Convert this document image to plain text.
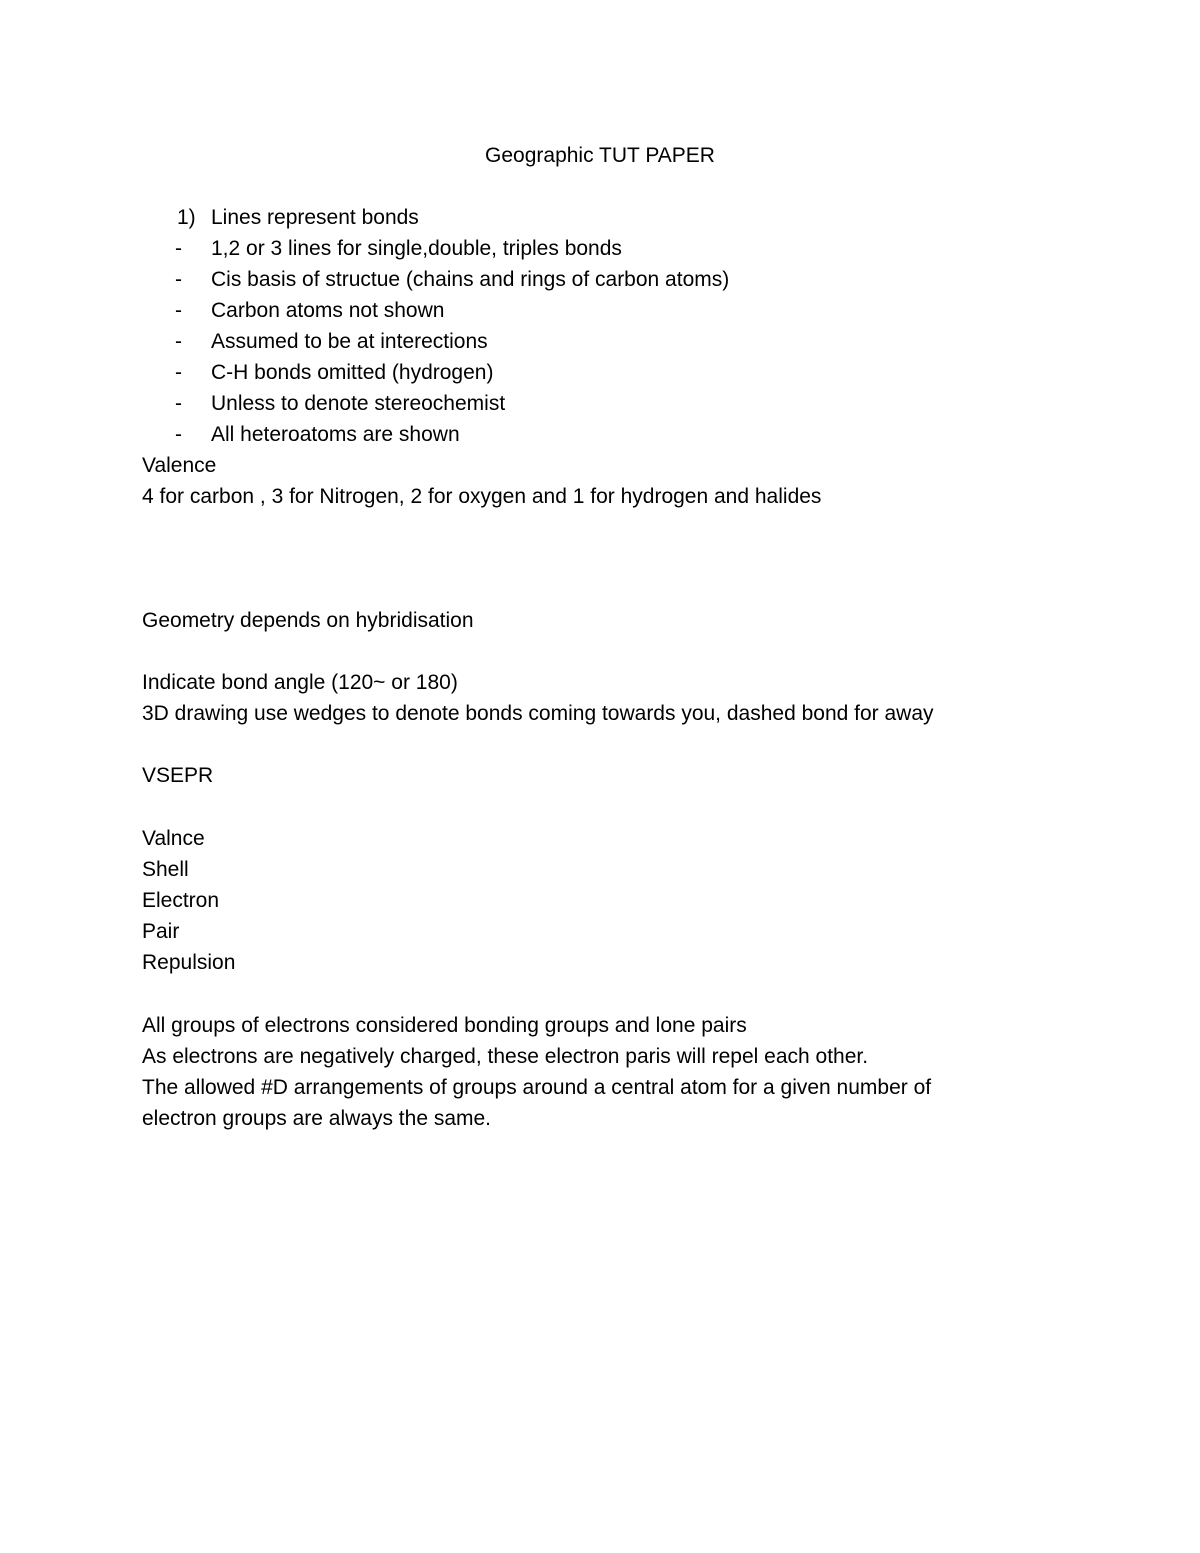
Geographic TUT PAPER
1) Lines represent bonds
- 1,2 or 3 lines for single,double, triples bonds
- Cis basis of structue (chains and rings of carbon atoms)
- Carbon atoms not shown
- Assumed to be at interections
- C-H bonds omitted (hydrogen)
- Unless to denote stereochemist
- All heteroatoms are shown
Valence
4 for carbon , 3 for Nitrogen, 2 for oxygen and 1 for hydrogen and halides
Geometry depends on hybridisation
Indicate bond angle (120~ or 180)
3D drawing use wedges to denote bonds coming towards you, dashed bond for away
VSEPR
Valnce
Shell
Electron
Pair
Repulsion
All groups of electrons considered bonding groups and lone pairs
As electrons are negatively charged, these electron paris will repel each other.
The allowed #D arrangements of groups around a central atom for a given number of
electron groups are always the same.
